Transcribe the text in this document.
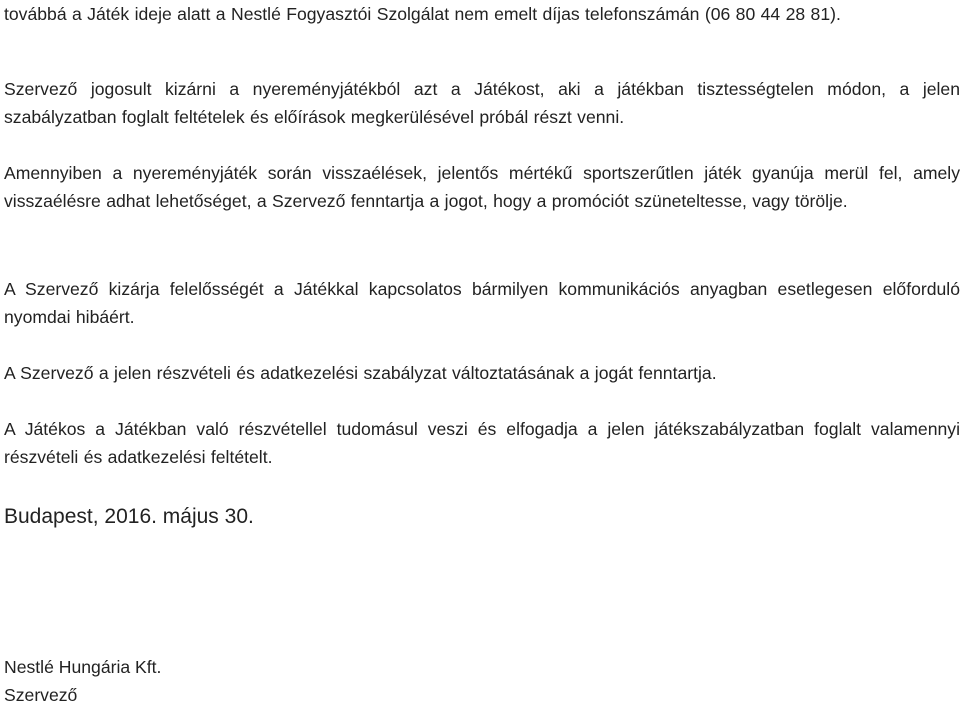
továbbá a Játék ideje alatt a Nestlé Fogyasztói Szolgálat nem emelt díjas telefonszámán (06 80 44 28 81).

Szervező jogosult kizárni a nyereményjátékból azt a Játékost, aki a játékban tisztességtelen módon, a jelen szabályzatban foglalt feltételek és előírások megkerülésével próbál részt venni.

Amennyiben a nyereményjáték során visszaélések, jelentős mértékű sportszerűtlen játék gyanúja merül fel, amely visszaélésre adhat lehetőséget, a Szervező fenntartja a jogot, hogy a promóciót szüneteltesse, vagy törölje.

A Szervező kizárja felelősségét a Játékkal kapcsolatos bármilyen kommunikációs anyagban esetlegesen előforduló nyomdai hibáért.

A Szervező a jelen részvételi és adatkezelési szabályzat változtatásának a jogát fenntartja.

A Játékos a Játékban való részvétellel tudomásul veszi és elfogadja a jelen játékszabályzatban foglalt valamennyi részvételi és adatkezelési feltételt.

Budapest, 2016. május 30.
Nestlé Hungária Kft.
Szervező
